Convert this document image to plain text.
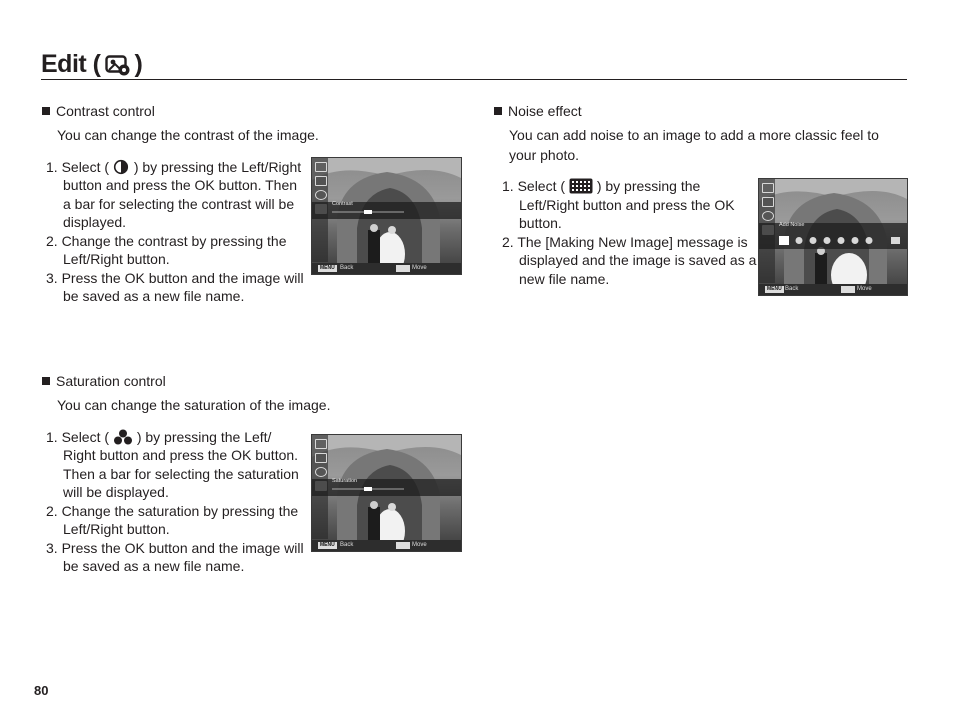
Edit ( )
Contrast control
You can change the contrast of the image.
1. Select ( ) by pressing the Left/Right button and press the OK button. Then a bar for selecting the contrast will be displayed.
2. Change the contrast by pressing the Left/Right button.
3. Press the OK button and the image will be saved as a new file name.
Contrast
MENU Back	Move
Noise effect
You can add noise to an image to add a more classic feel to your photo.
1. Select ( ) by pressing the Left/Right button and press the OK button.
2. The [Making New Image] message is displayed and the image is saved as a new file name.
Add Noise
MENU Back	Move
Saturation control
You can change the saturation of the image.
1. Select ( ) by pressing the Left/ Right button and press the OK button. Then a bar for selecting the saturation will be displayed.
2. Change the saturation by pressing the Left/Right button.
3. Press the OK button and the image will be saved as a new file name.
Saturation
MENU Back	Move
80
